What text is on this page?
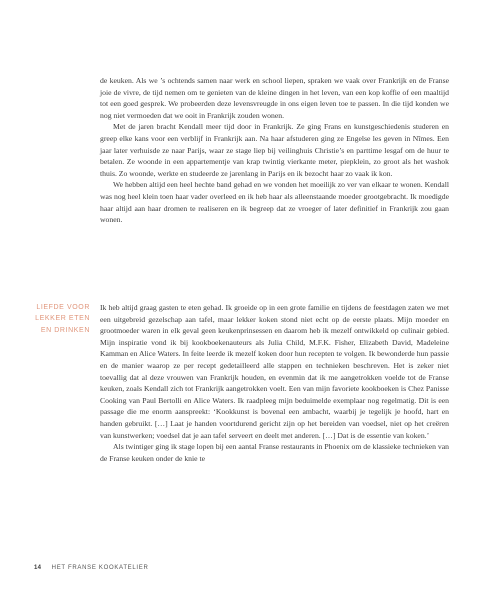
de keuken. Als we ’s ochtends samen naar werk en school liepen, spraken we vaak over Frankrijk en de Franse joie de vivre, de tijd nemen om te genieten van de kleine dingen in het leven, van een kop koffie of een maaltijd tot een goed gesprek. We probeerden deze levensvreugde in ons eigen leven toe te passen. In die tijd konden we nog niet vermoeden dat we ooit in Frankrijk zouden wonen.

Met de jaren bracht Kendall meer tijd door in Frankrijk. Ze ging Frans en kunstgeschiedenis studeren en greep elke kans voor een verblijf in Frankrijk aan. Na haar afstuderen ging ze Engelse les geven in Nîmes. Een jaar later verhuisde ze naar Parijs, waar ze stage liep bij veilinghuis Christie’s en parttime lesgaf om de huur te betalen. Ze woonde in een appartementje van krap twintig vierkante meter, piepklein, zo groot als het washok thuis. Zo woonde, werkte en studeerde ze jarenlang in Parijs en ik bezocht haar zo vaak ik kon.

We hebben altijd een heel hechte band gehad en we vonden het moeilijk zo ver van elkaar te wonen. Kendall was nog heel klein toen haar vader overleed en ik heb haar als alleenstaande moeder grootgebracht. Ik moedigde haar altijd aan haar dromen te realiseren en ik begreep dat ze vroeger of later definitief in Frankrijk zou gaan wonen.

LIEFDE VOOR
LEKKER ETEN
EN DRINKEN

Ik heb altijd graag gasten te eten gehad. Ik groeide op in een grote familie en tijdens de feestdagen zaten we met een uitgebreid gezelschap aan tafel, maar lekker koken stond niet echt op de eerste plaats. Mijn moeder en grootmoeder waren in elk geval geen keukenprinsessen en daarom heb ik mezelf ontwikkeld op culinair gebied. Mijn inspiratie vond ik bij kookboekenauteurs als Julia Child, M.F.K. Fisher, Elizabeth David, Madeleine Kamman en Alice Waters. In feite leerde ik mezelf koken door hun recepten te volgen. Ik bewonderde hun passie en de manier waarop ze per recept gedetailleerd alle stappen en technieken beschreven. Het is zeker niet toevallig dat al deze vrouwen van Frankrijk houden, en evenmin dat ik me aangetrokken voelde tot de Franse keuken, zoals Kendall zich tot Frankrijk aangetrokken voelt. Een van mijn favoriete kookboeken is Chez Panisse Cooking van Paul Bertolli en Alice Waters. Ik raadpleeg mijn beduimelde exemplaar nog regelmatig. Dit is een passage die me enorm aanspreekt: ‘Kookkunst is bovenal een ambacht, waarbij je tegelijk je hoofd, hart en handen gebruikt. […] Laat je handen voortdurend gericht zijn op het bereiden van voedsel, niet op het creëren van kunstwerken; voedsel dat je aan tafel serveert en deelt met anderen. […] Dat is de essentie van koken.’

Als twintiger ging ik stage lopen bij een aantal Franse restaurants in Phoenix om de klassieke technieken van de Franse keuken onder de knie te

14 HET FRANSE KOOKATELIER
